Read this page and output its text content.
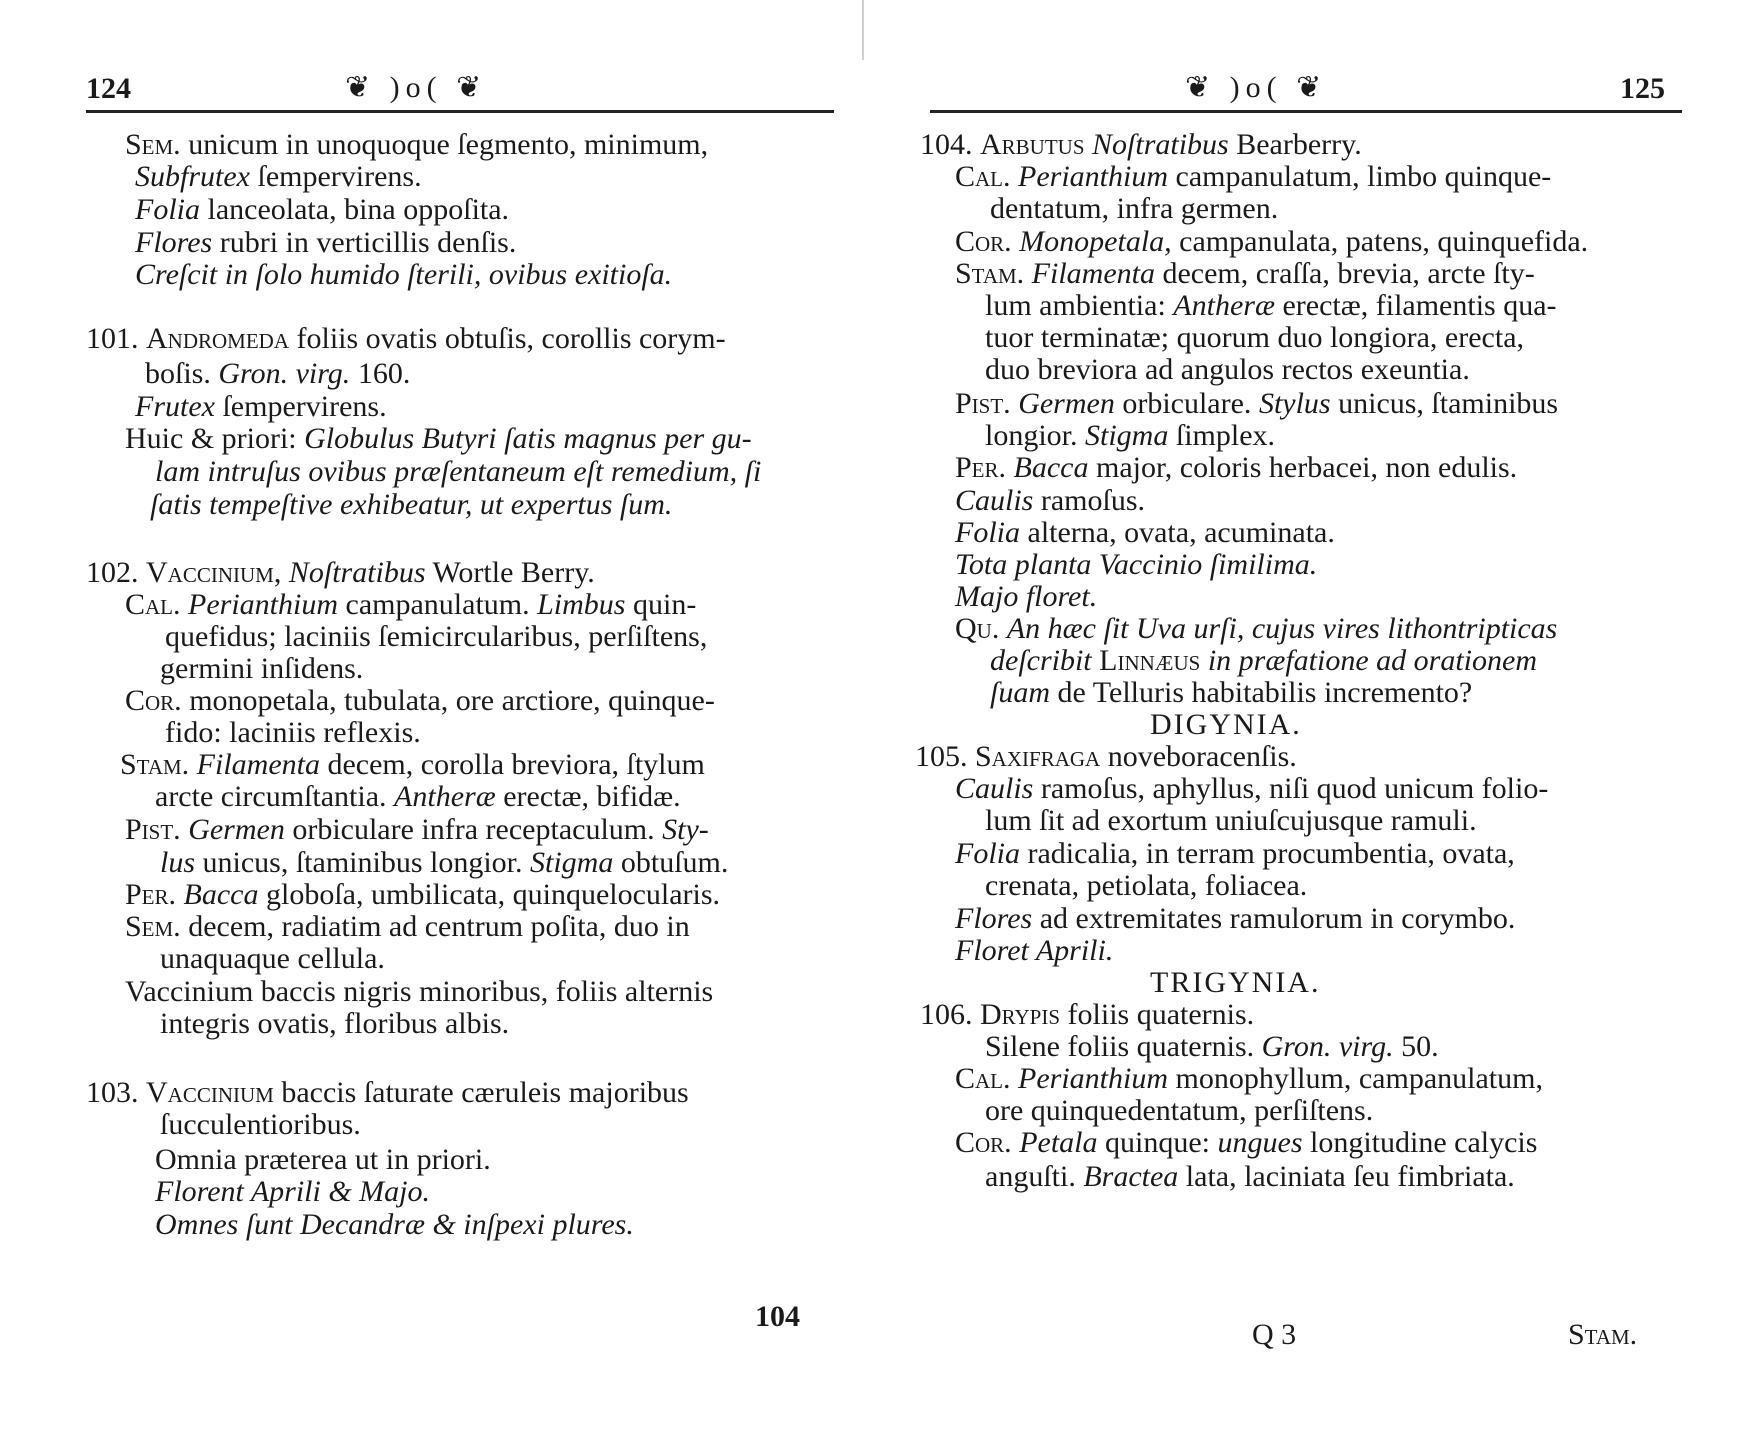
124	❦ )o( ❦
Sem. unicum in unoquoque ſegmento, minimum,
Subfrutex ſempervirens.
Folia lanceolata, bina oppoſita.
Flores rubri in verticillis denſis.
Creſcit in ſolo humido ſterili, ovibus exitioſa.
101. Andromeda foliis ovatis obtuſis, corollis corym-
boſis. Gron. virg. 160.
Frutex ſempervirens.
Huic & priori: Globulus Butyri ſatis magnus per gu-
lam intruſus ovibus præſentaneum eſt remedium, ſi
ſatis tempeſtive exhibeatur, ut expertus ſum.
102. Vaccinium, Noſtratibus Wortle Berry.
Cal. Perianthium campanulatum. Limbus quin-
quefidus; laciniis ſemicircularibus, perſiſtens,
germini inſidens.
Cor. monopetala, tubulata, ore arctiore, quinque-
fido: laciniis reflexis.
Stam. Filamenta decem, corolla breviora, ſtylum
arcte circumſtantia. Antheræ erectæ, bifidæ.
Pist. Germen orbiculare infra receptaculum. Sty-
lus unicus, ſtaminibus longior. Stigma obtuſum.
Per. Bacca globoſa, umbilicata, quinquelocularis.
Sem. decem, radiatim ad centrum poſita, duo in
unaquaque cellula.
Vaccinium baccis nigris minoribus, foliis alternis
integris ovatis, floribus albis.
103. Vaccinium baccis ſaturate cæruleis majoribus
ſucculentioribus.
Omnia præterea ut in priori.
Florent Aprili & Majo.
Omnes ſunt Decandræ & inſpexi plures.
104
❦ )o( ❦	125
104. Arbutus Noſtratibus Bearberry.
Cal. Perianthium campanulatum, limbo quinque-
dentatum, infra germen.
Cor. Monopetala, campanulata, patens, quinquefida.
Stam. Filamenta decem, craſſa, brevia, arcte ſty-
lum ambientia: Antheræ erectæ, filamentis qua-
tuor terminatæ; quorum duo longiora, erecta,
duo breviora ad angulos rectos exeuntia.
Pist. Germen orbiculare. Stylus unicus, ſtaminibus
longior. Stigma ſimplex.
Per. Bacca major, coloris herbacei, non edulis.
Caulis ramoſus.
Folia alterna, ovata, acuminata.
Tota planta Vaccinio ſimilima.
Majo floret.
Qu. An hæc ſit Uva urſi, cujus vires lithontripticas
deſcribit Linnæus in præfatione ad orationem
ſuam de Telluris habitabilis incremento?
DIGYNIA.
105. Saxifraga noveboracenſis.
Caulis ramoſus, aphyllus, niſi quod unicum folio-
lum ſit ad exortum uniuſcujusque ramuli.
Folia radicalia, in terram procumbentia, ovata,
crenata, petiolata, foliacea.
Flores ad extremitates ramulorum in corymbo.
Floret Aprili.
TRIGYNIA.
106. Drypis foliis quaternis.
Silene foliis quaternis. Gron. virg. 50.
Cal. Perianthium monophyllum, campanulatum,
ore quinquedentatum, perſiſtens.
Cor. Petala quinque: ungues longitudine calycis
anguſti. Bractea lata, laciniata ſeu fimbriata.
Q 3	Stam.
